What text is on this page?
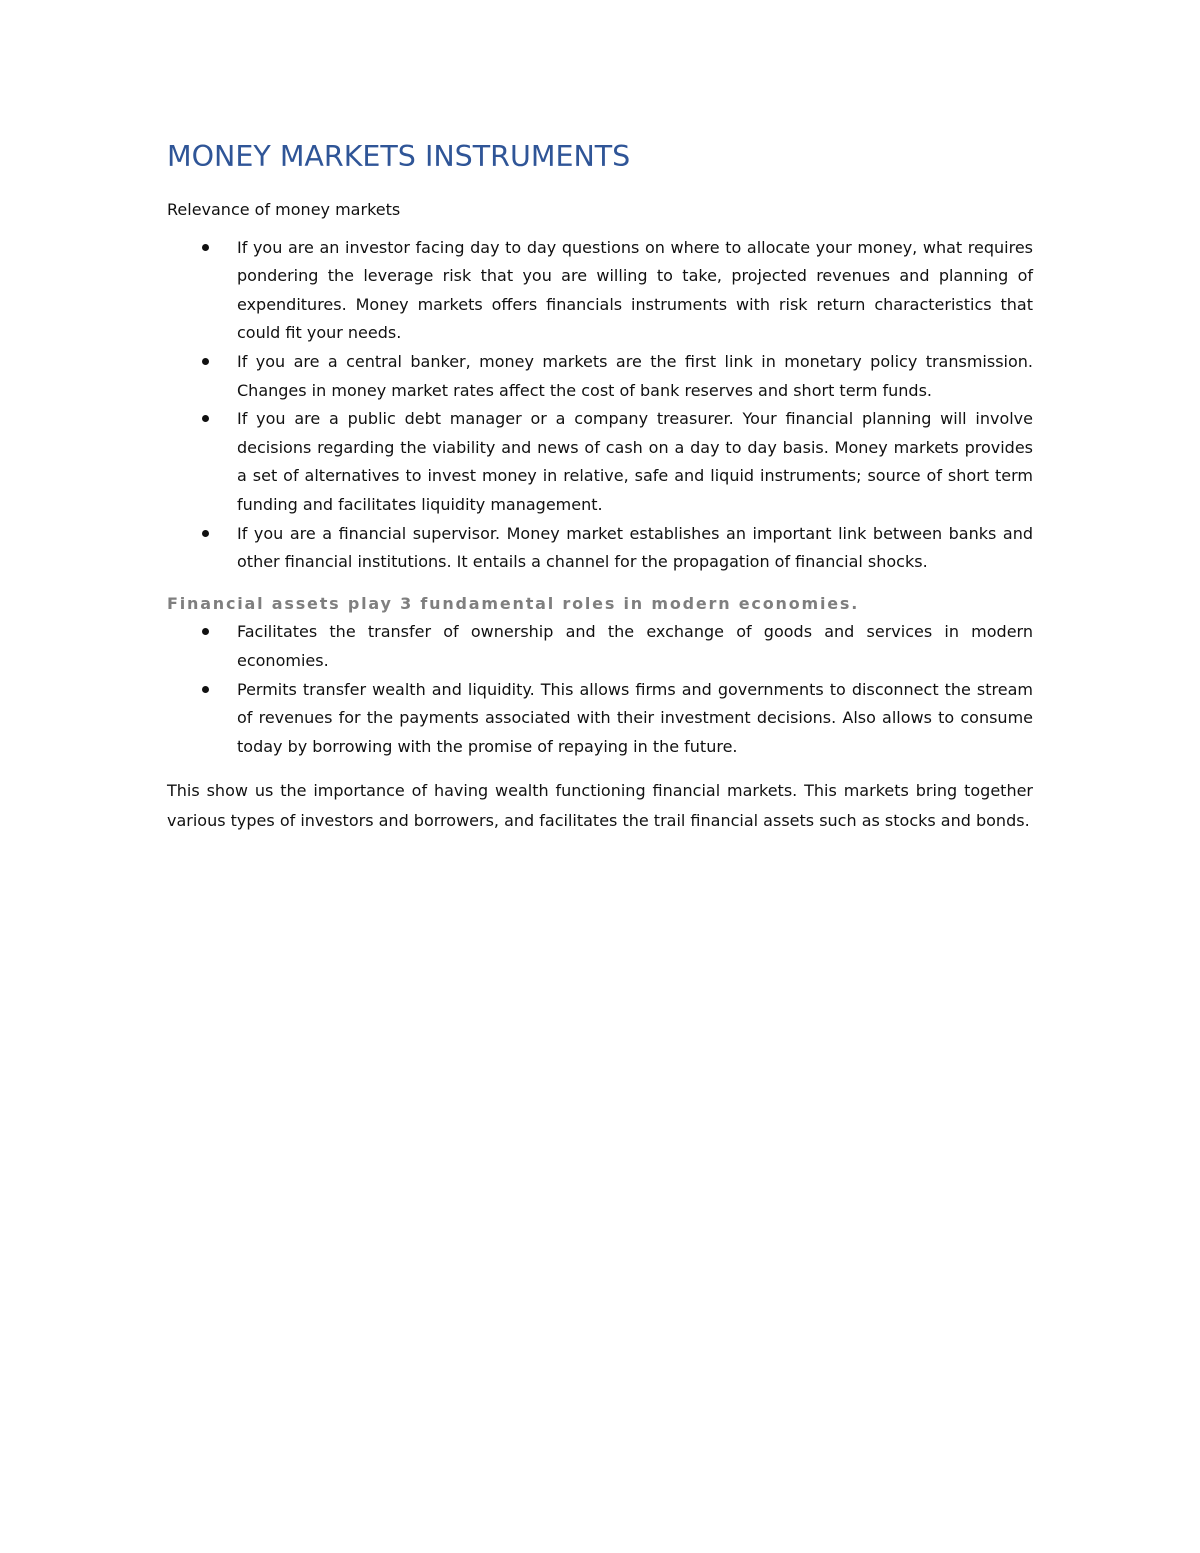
MONEY MARKETS INSTRUMENTS

Relevance of money markets

If you are an investor facing day to day questions on where to allocate your money, what requires pondering the leverage risk that you are willing to take, projected revenues and planning of expenditures. Money markets offers financials instruments with risk return characteristics that could fit your needs.
If you are a central banker, money markets are the first link in monetary policy transmission. Changes in money market rates affect the cost of bank reserves and short term funds.
If you are a public debt manager or a company treasurer. Your financial planning will involve decisions regarding the viability and news of cash on a day to day basis. Money markets provides a set of alternatives to invest money in relative, safe and liquid instruments; source of short term funding and facilitates liquidity management.
If you are a financial supervisor. Money market establishes an important link between banks and other financial institutions. It entails a channel for the propagation of financial shocks.

Financial assets play 3 fundamental roles in modern economies.

Facilitates the transfer of ownership and the exchange of goods and services in modern economies.
Permits transfer wealth and liquidity. This allows firms and governments to disconnect the stream of revenues for the payments associated with their investment decisions. Also allows to consume today by borrowing with the promise of repaying in the future.

This show us the importance of having wealth functioning financial markets. This markets bring together various types of investors and borrowers, and facilitates the trail financial assets such as stocks and bonds.
